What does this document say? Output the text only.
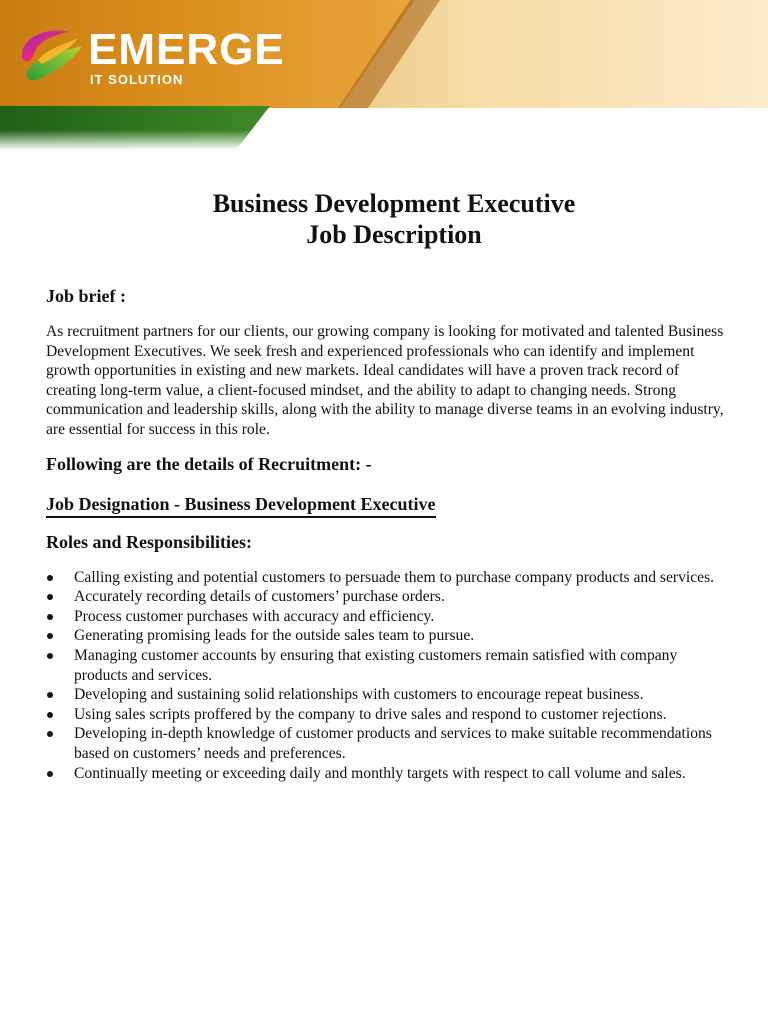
EMERGE
IT SOLUTION
Business Development Executive
Job Description
Job brief :

As recruitment partners for our clients, our growing company is looking for motivated and talented Business Development Executives. We seek fresh and experienced professionals who can identify and implement growth opportunities in existing and new markets. Ideal candidates will have a proven track record of creating long-term value, a client-focused mindset, and the ability to adapt to changing needs. Strong communication and leadership skills, along with the ability to manage diverse teams in an evolving industry, are essential for success in this role.

Following are the details of Recruitment: -
Job Designation - Business Development Executive
Roles and Responsibilities:
Calling existing and potential customers to persuade them to purchase company products and services.
Accurately recording details of customers’ purchase orders.
Process customer purchases with accuracy and efficiency.
Generating promising leads for the outside sales team to pursue.
Managing customer accounts by ensuring that existing customers remain satisfied with company products and services.
Developing and sustaining solid relationships with customers to encourage repeat business.
Using sales scripts proffered by the company to drive sales and respond to customer rejections.
Developing in-depth knowledge of customer products and services to make suitable recommendations based on customers’ needs and preferences.
Continually meeting or exceeding daily and monthly targets with respect to call volume and sales.
